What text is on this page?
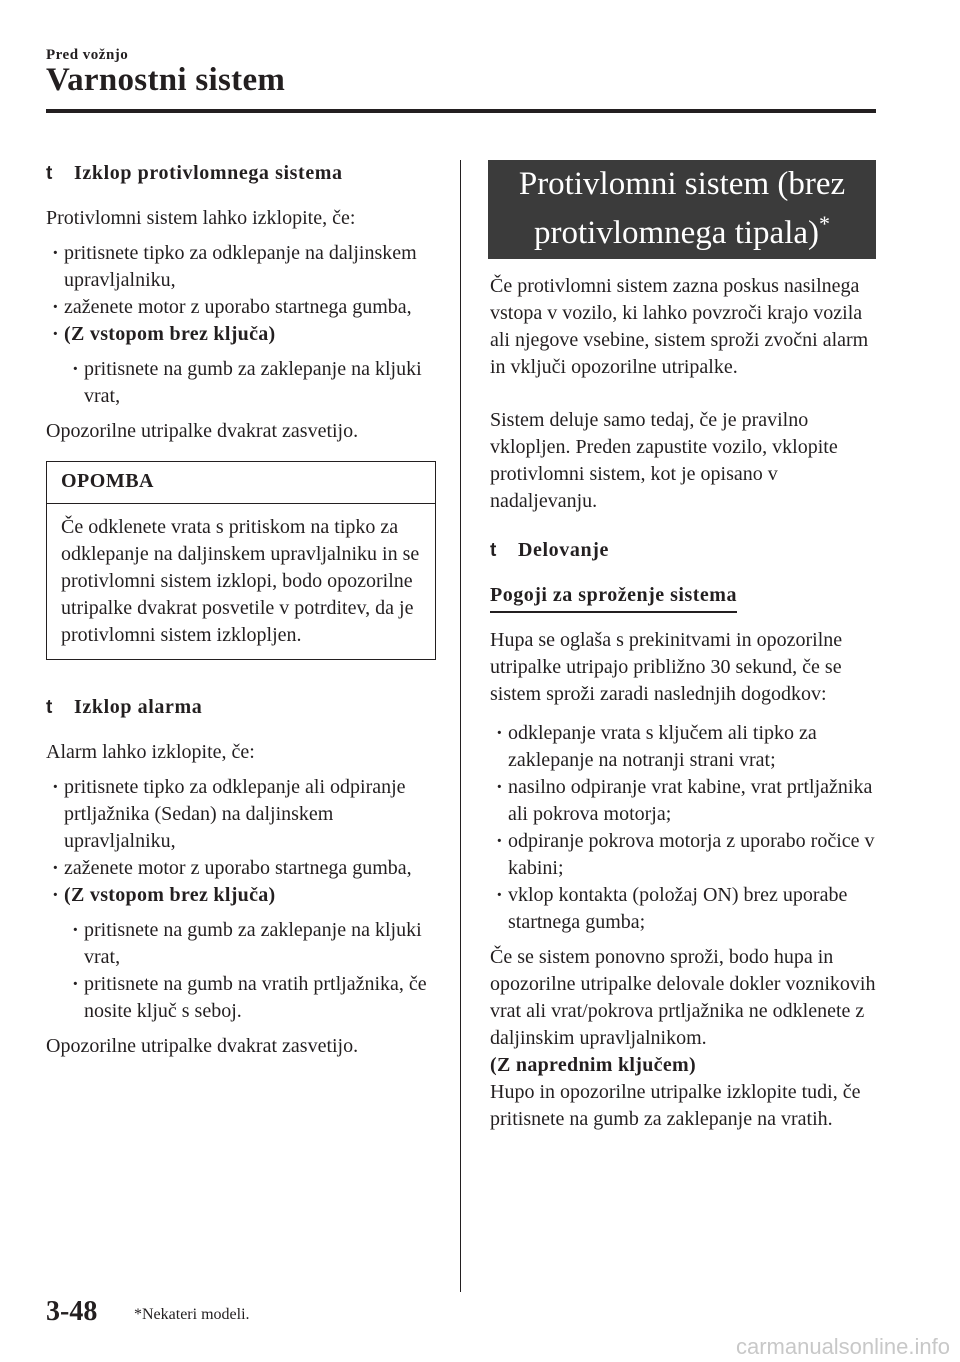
Pred vožnjo
Varnostni sistem
t	Izklop protivlomnega sistema

Protivlomni sistem lahko izklopite, če:

· pritisnete tipko za odklepanje na daljinskem upravljalniku,
· zaženete motor z uporabo startnega gumba,
· (Z vstopom brez ključa)
· pritisnete na gumb za zaklepanje na kljuki vrat,

Opozorilne utripalke dvakrat zasvetijo.

OPOMBA
Če odklenete vrata s pritiskom na tipko za odklepanje na daljinskem upravljalniku in se protivlomni sistem izklopi, bodo opozorilne utripalke dvakrat posvetile v potrditev, da je protivlomni sistem izklopljen.
t	Izklop alarma

Alarm lahko izklopite, če:

· pritisnete tipko za odklepanje ali odpiranje prtljažnika (Sedan) na daljinskem upravljalniku,
· zaženete motor z uporabo startnega gumba,
· (Z vstopom brez ključa)
· pritisnete na gumb za zaklepanje na kljuki vrat,
· pritisnete na gumb na vratih prtljažnika, če nosite ključ s seboj.

Opozorilne utripalke dvakrat zasvetijo.

Protivlomni sistem (brez protivlomnega tipala)*

Če protivlomni sistem zazna poskus nasilnega vstopa v vozilo, ki lahko povzroči krajo vozila ali njegove vsebine, sistem sproži zvočni alarm in vključi opozorilne utripalke.

Sistem deluje samo tedaj, če je pravilno vklopljen. Preden zapustite vozilo, vklopite protivlomni sistem, kot je opisano v nadaljevanju.

t	Delovanje
Pogoji za sproženje sistema

Hupa se oglaša s prekinitvami in opozorilne utripalke utripajo približno 30 sekund, če se sistem sproži zaradi naslednjih dogodkov:

· odklepanje vrata s ključem ali tipko za zaklepanje na notranji strani vrat;
· nasilno odpiranje vrat kabine, vrat prtljažnika ali pokrova motorja;
· odpiranje pokrova motorja z uporabo ročice v kabini;
· vklop kontakta (položaj ON) brez uporabe startnega gumba;

Če se sistem ponovno sproži, bodo hupa in opozorilne utripalke delovale dokler voznikovih vrat ali vrat/pokrova prtljažnika ne odklenete z daljinskim upravljalnikom.

(Z naprednim ključem)

Hupo in opozorilne utripalke izklopite tudi, če pritisnete na gumb za zaklepanje na vratih.

3-48 *Nekateri modeli.
carmanualsonline.info
